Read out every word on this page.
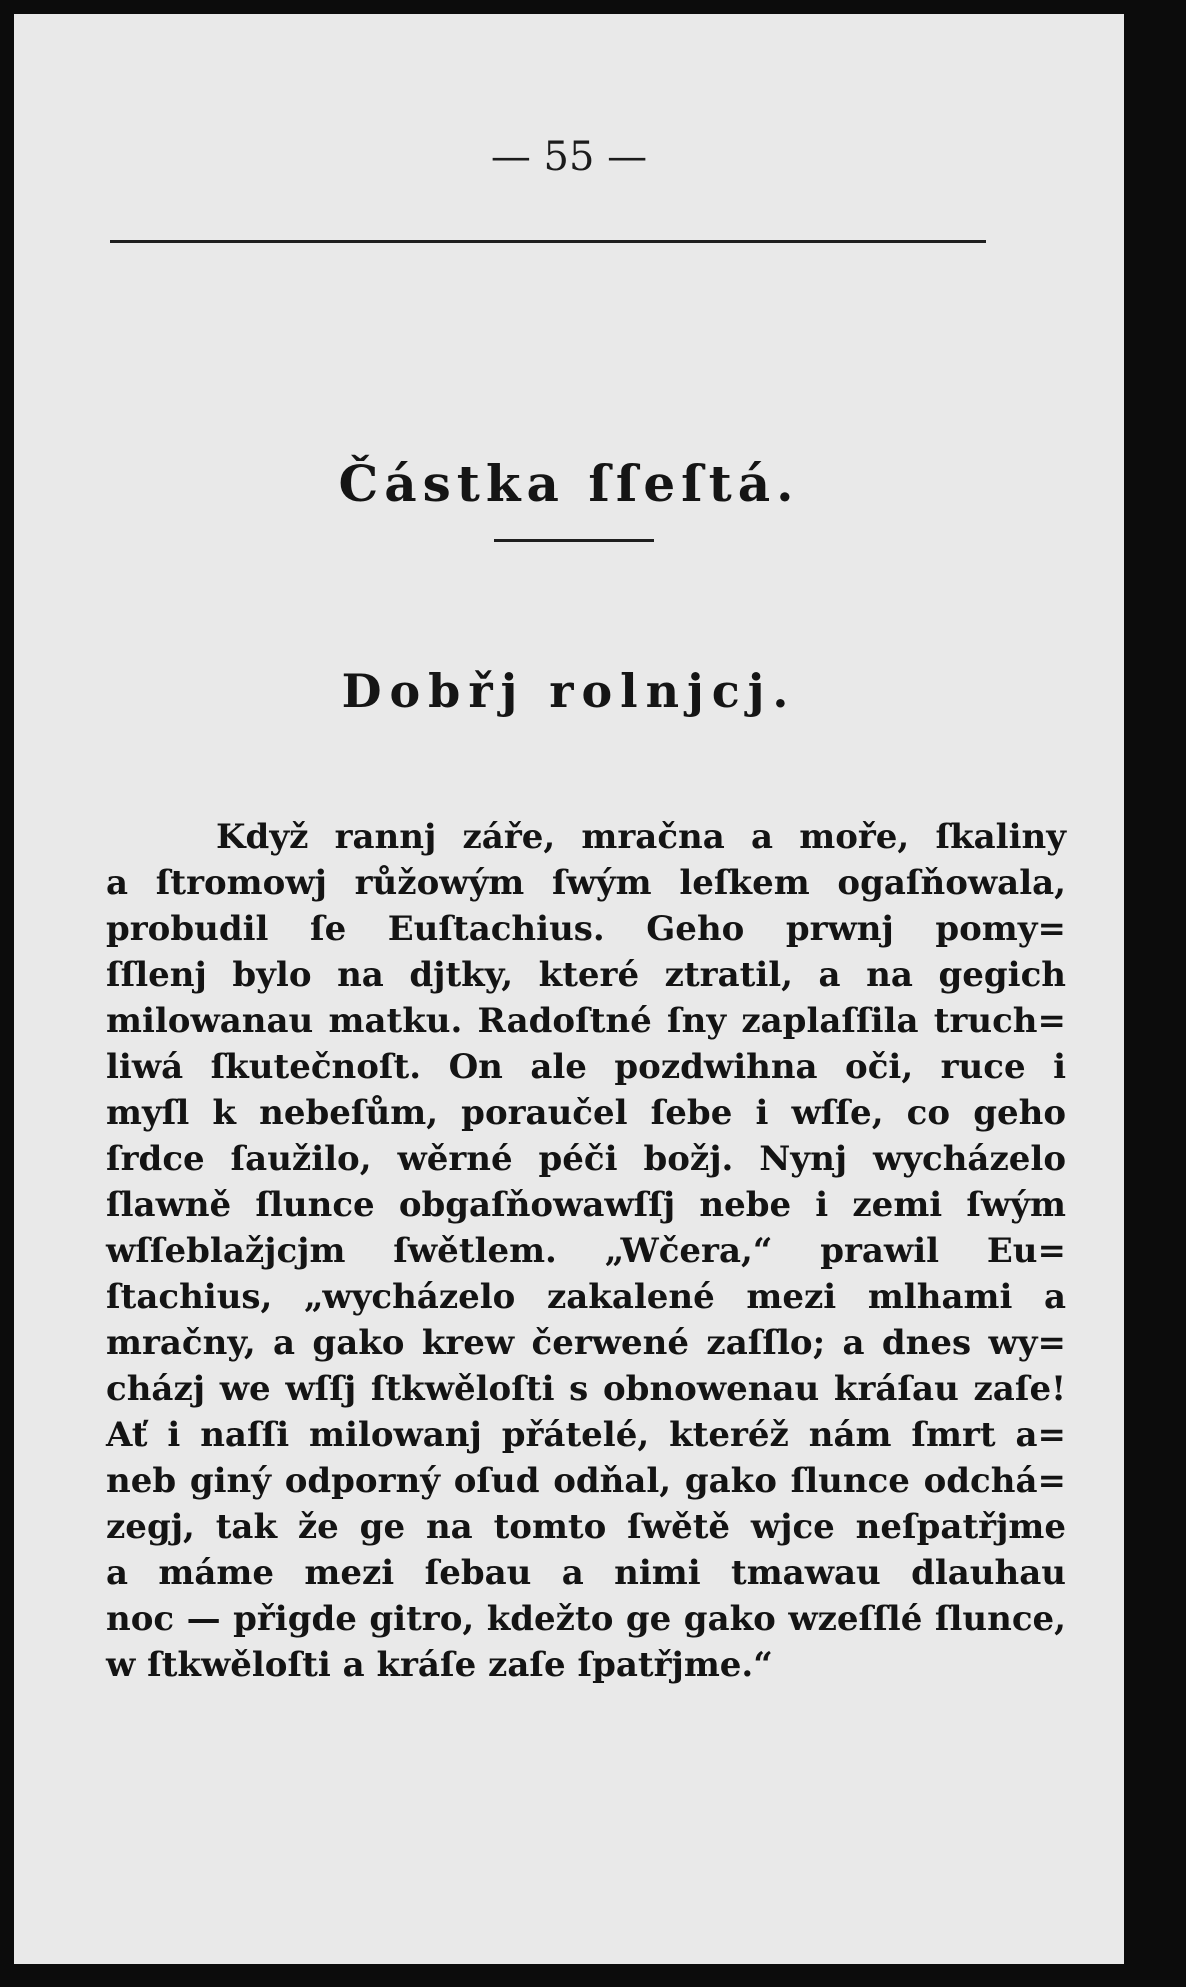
— 55 —
Částka ſſeſtá.
Dobřj rolnjcj.

Když rannj záře, mračna a moře, ſkaliny
a ſtromowj růžowým ſwým leſkem ogaſňowala,
probudil ſe Euſtachius. Geho prwnj pomy=
ſſlenj bylo na djtky, které ztratil, a na gegich
milowanau matku. Radoſtné ſny zaplaſſila truch=
liwá ſkutečnoſt. On ale pozdwihna oči, ruce i
myſl k nebeſům, poraučel ſebe i wſſe, co geho
ſrdce ſaužilo, wěrné péči božj. Nynj wycházelo
ſlawně ſlunce obgaſňowawſſj nebe i zemi ſwým
wſſeblažjcjm ſwětlem. „Wčera,“ prawil Eu=
ſtachius, „wycházelo zakalené mezi mlhami a
mračny, a gako krew čerwené zaſſlo; a dnes wy=
cházj we wſſj ſtkwěloſti s obnowenau kráſau zaſe!
Ať i naſſi milowanj přátelé, kteréž nám ſmrt a=
neb giný odporný oſud odňal, gako ſlunce odchá=
zegj, tak že ge na tomto ſwětě wjce neſpatřjme
a máme mezi ſebau a nimi tmawau dlauhau
noc — přigde gitro, kdežto ge gako wzeſſlé ſlunce,
w ſtkwěloſti a kráſe zaſe ſpatřjme.“
